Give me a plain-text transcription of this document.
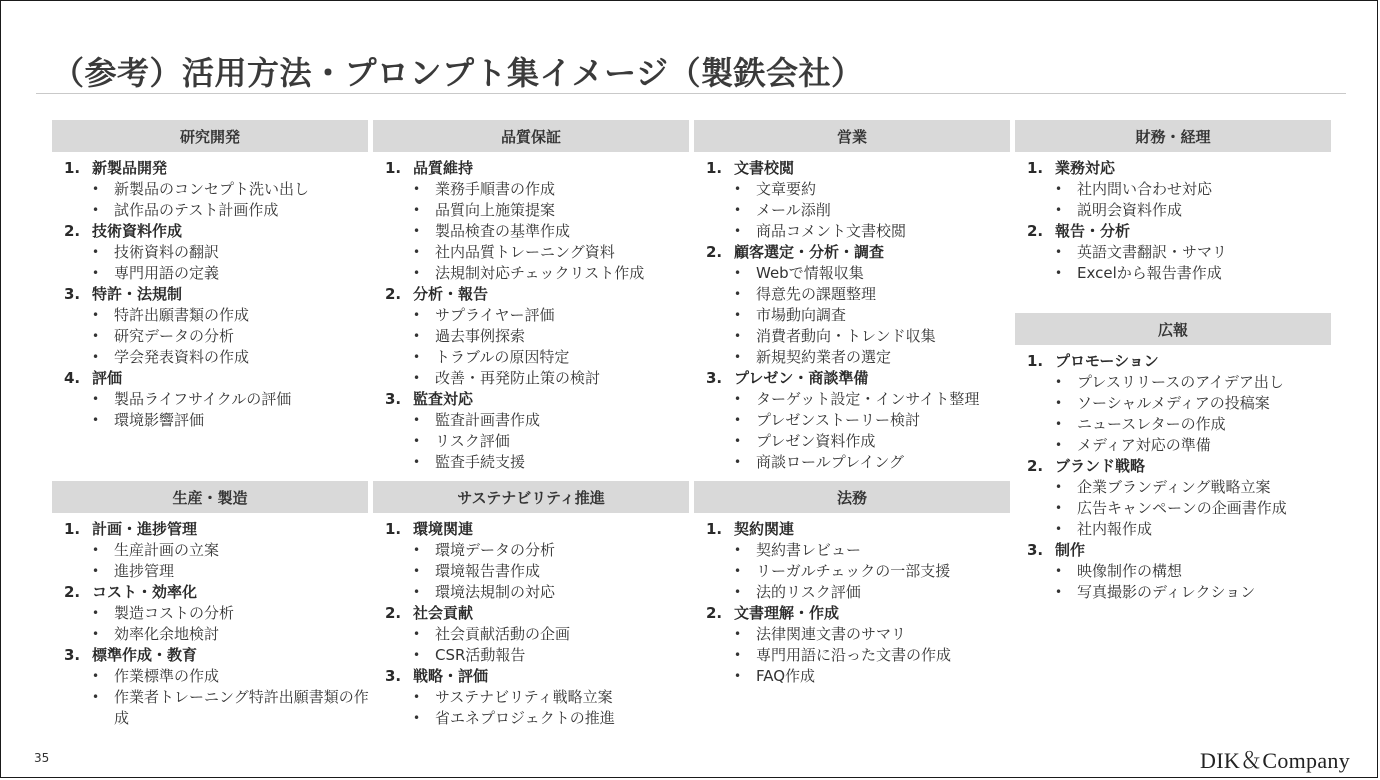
（参考）活用方法・プロンプト集イメージ（製鉄会社）
研究開発
1. 新製品開発
• 新製品のコンセプト洗い出し
• 試作品のテスト計画作成
2. 技術資料作成
• 技術資料の翻訳
• 専門用語の定義
3. 特許・法規制
• 特許出願書類の作成
• 研究データの分析
• 学会発表資料の作成
4. 評価
• 製品ライフサイクルの評価
• 環境影響評価
品質保証
1. 品質維持
• 業務手順書の作成
• 品質向上施策提案
• 製品検査の基準作成
• 社内品質トレーニング資料
• 法規制対応チェックリスト作成
2. 分析・報告
• サプライヤー評価
• 過去事例探索
• トラブルの原因特定
• 改善・再発防止策の検討
3. 監査対応
• 監査計画書作成
• リスク評価
• 監査手続支援
営業
1. 文書校閲
• 文章要約
• メール添削
• 商品コメント文書校閲
2. 顧客選定・分析・調査
• Webで情報収集
• 得意先の課題整理
• 市場動向調査
• 消費者動向・トレンド収集
• 新規契約業者の選定
3. プレゼン・商談準備
• ターゲット設定・インサイト整理
• プレゼンストーリー検討
• プレゼン資料作成
• 商談ロールプレイング
財務・経理
1. 業務対応
• 社内問い合わせ対応
• 説明会資料作成
2. 報告・分析
• 英語文書翻訳・サマリ
• Excelから報告書作成
広報
1. プロモーション
• プレスリリースのアイデア出し
• ソーシャルメディアの投稿案
• ニュースレターの作成
• メディア対応の準備
2. ブランド戦略
• 企業ブランディング戦略立案
• 広告キャンペーンの企画書作成
• 社内報作成
3. 制作
• 映像制作の構想
• 写真撮影のディレクション
生産・製造
1. 計画・進捗管理
• 生産計画の立案
• 進捗管理
2. コスト・効率化
• 製造コストの分析
• 効率化余地検討
3. 標準作成・教育
• 作業標準の作成
• 作業者トレーニング特許出願書類の作成
サステナビリティ推進
1. 環境関連
• 環境データの分析
• 環境報告書作成
• 環境法規制の対応
2. 社会貢献
• 社会貢献活動の企画
• CSR活動報告
3. 戦略・評価
• サステナビリティ戦略立案
• 省エネプロジェクトの推進
法務
1. 契約関連
• 契約書レビュー
• リーガルチェックの一部支援
• 法的リスク評価
2. 文書理解・作成
• 法律関連文書のサマリ
• 専門用語に沿った文書の作成
• FAQ作成
35	DIK＆Company
